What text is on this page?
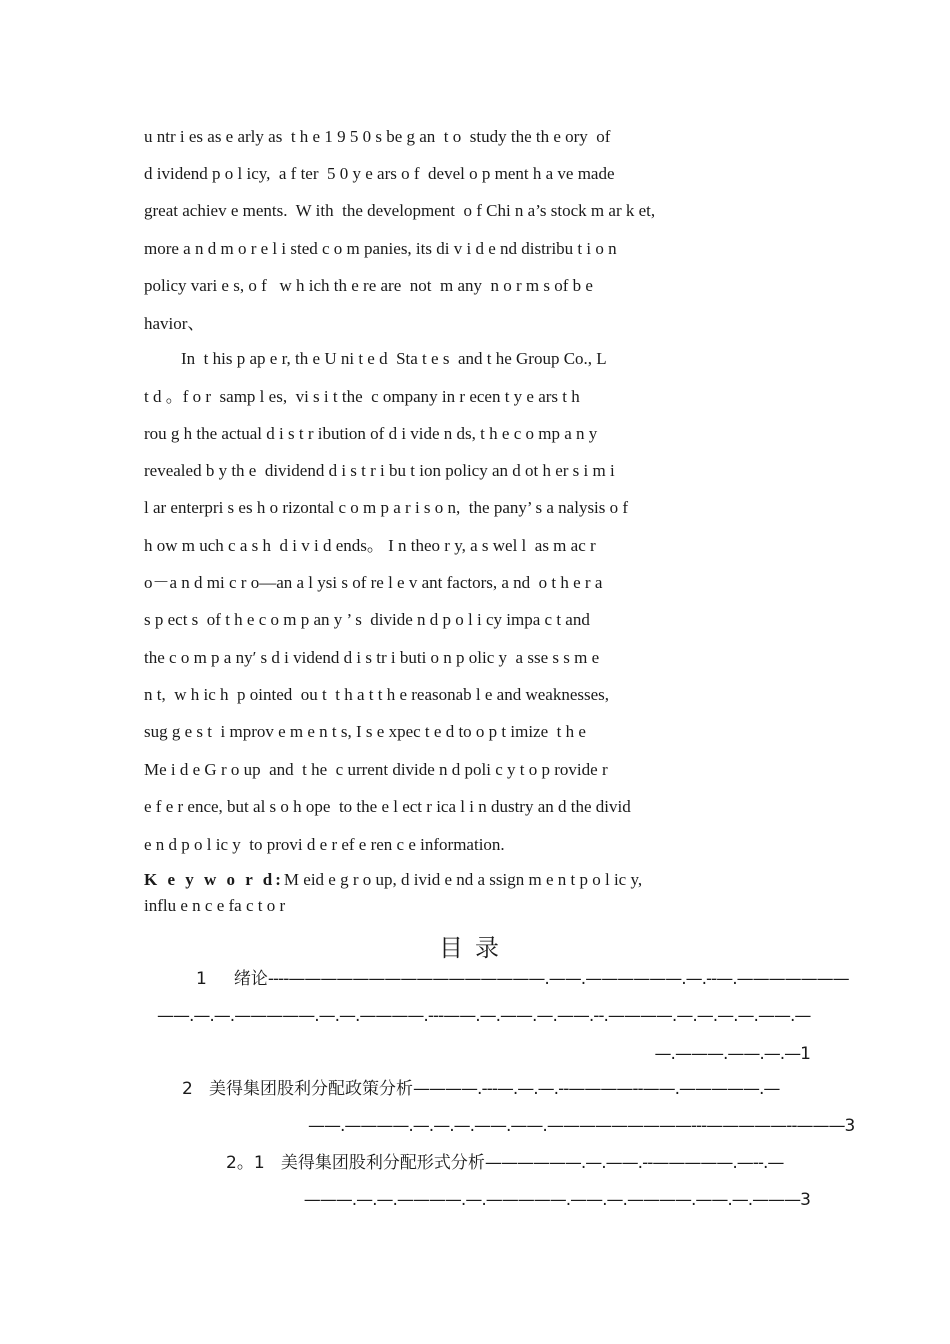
u ntr i es as e arly as  t h e 1 9 5 0 s be g an  t o  study the th e ory  of
d ividend p o l icy,  a f ter  5 0 y e ars o f  devel o p ment h a ve made
great achiev e ments.  W ith  the development  o f Chi n a’s stock m ar k et,
more a n d m o r e l i sted c o m panies, its di v i d e nd distribu t i o n
policy vari e s, o f   w h ich th e re are  not  m any  n o r m s of b e
havior、
In  t his p ap e r, th e U ni t e d  Sta t e s  and t he Group Co., L
t d 。f o r  samp l es,  vi s i t the  c ompany in r ecen t y e ars t h
rou g h the actual d i s t r ibution of d i vide n ds, t h e c o mp a n y
revealed b y th e  dividend d i s t r i bu t ion policy an d ot h er s i m i
l ar enterpri s es h o rizontal c o m p a r i s o n,  the pany’ s a nalysis o f
h ow m uch c a s h  d i v i d ends。 I n theo r y, a s wel l  as m ac r
o－a n d mi c r o—an a l ysi s of re l e v ant factors, a nd  o t h e r a
s p ect s  of t h e c o m p an y ’ s  divide n d p o l i cy impa c t and
the c o m p a ny′ s d i vidend d i s tr i buti o n p olic y  a sse s s m e
n t,  w h ic h  p ointed  ou t  t h a t t h e reasonab l e and weaknesses,
sug g e s t  i mprov e m e n t s, I s e xpec t e d to o p t imize  t h e
Me i d e G r o up  and  t he  c urrent divide n d poli c y t o p rovide r
e f e r ence, but al s o h ope  to the e l ect r ica l i n dustry an d the divid
e n d p o l ic y  to provi d e r ef e ren c e information.
K e y w o r d:M eid e g r o up, d ivid e nd a ssign m e n t p o l ic y,
influ e n c e fa c t o r
目录
1 绪论----————————————————.——.——————.—.--—.———————
——.—.—.—————.—.—.————.---——.—.——.—.——.--.————.—.—.—.—.——.—
—.———.——.—.—1
2 美得集团股利分配政策分析————.---—.—.—.--————--——.—————.—
——.————.—.—.—.——.——.—————————---—————--———3
2。1 美得集团股利分配形式分析——————.—.——.--—————.—--.—
———.—.—.————.—.—————.——.—.————.——.—.———3
